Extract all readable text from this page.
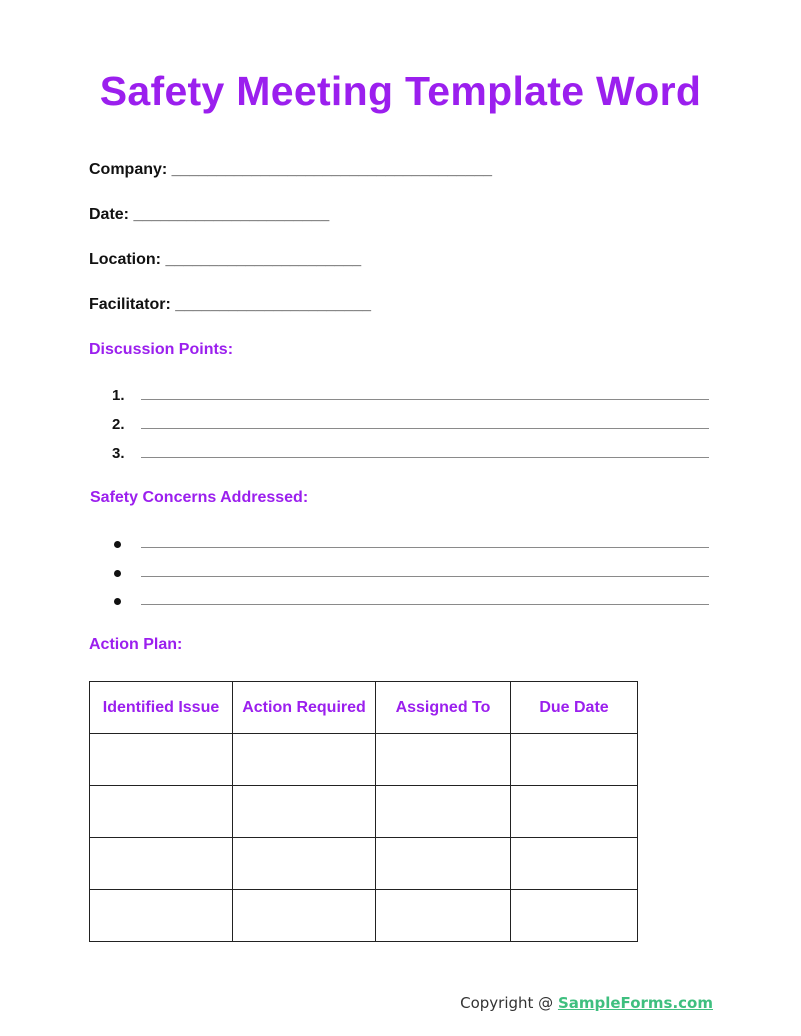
Safety Meeting Template Word
Company: ____________________________________
Date: ______________________
Location: ______________________
Facilitator: ______________________
Discussion Points:
1.
2.
3.
Safety Concerns Addressed:
Action Plan:
Identified Issue	Action Required	Assigned To	Due Date

Copyright @ SampleForms.com
